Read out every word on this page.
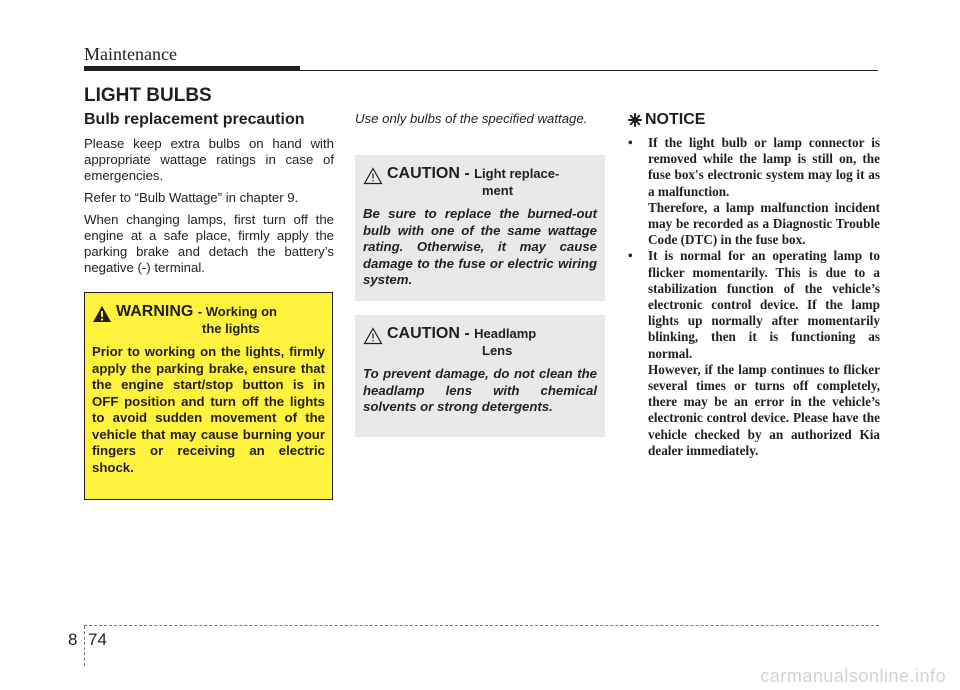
Maintenance
LIGHT BULBS
Bulb replacement precaution

Please keep extra bulbs on hand with appropriate wattage ratings in case of emergencies.

Refer to “Bulb Wattage” in chapter 9.

When changing lamps, first turn off the engine at a safe place, firmly apply the parking brake and detach the battery’s negative (-) terminal.

WARNING - Working on
the lights

Prior to working on the lights, firmly apply the parking brake, ensure that the engine start/stop button is in OFF position and turn off the lights to avoid sudden movement of the vehicle that may cause burning your fingers or receiving an electric shock.

Use only bulbs of the specified wattage.

CAUTION - Light replace-
ment

Be sure to replace the burned-out bulb with one of the same wattage rating. Otherwise, it may cause damage to the fuse or electric wiring system.

CAUTION - Headlamp
Lens

To prevent damage, do not clean the headlamp lens with chemical solvents or strong detergents.

NOTICE
• If the light bulb or lamp connector is removed while the lamp is still on, the fuse box's electronic system may log it as a malfunction.
Therefore, a lamp malfunction incident may be recorded as a Diagnostic Trouble Code (DTC) in the fuse box.
• It is normal for an operating lamp to flicker momentarily. This is due to a stabilization function of the vehicle’s electronic control device. If the lamp lights up normally after momentarily blinking, then it is functioning as normal.
However, if the lamp continues to flicker several times or turns off completely, there may be an error in the vehicle’s electronic control device. Please have the vehicle checked by an authorized Kia dealer immediately.
8 74
carmanualsonline.info
